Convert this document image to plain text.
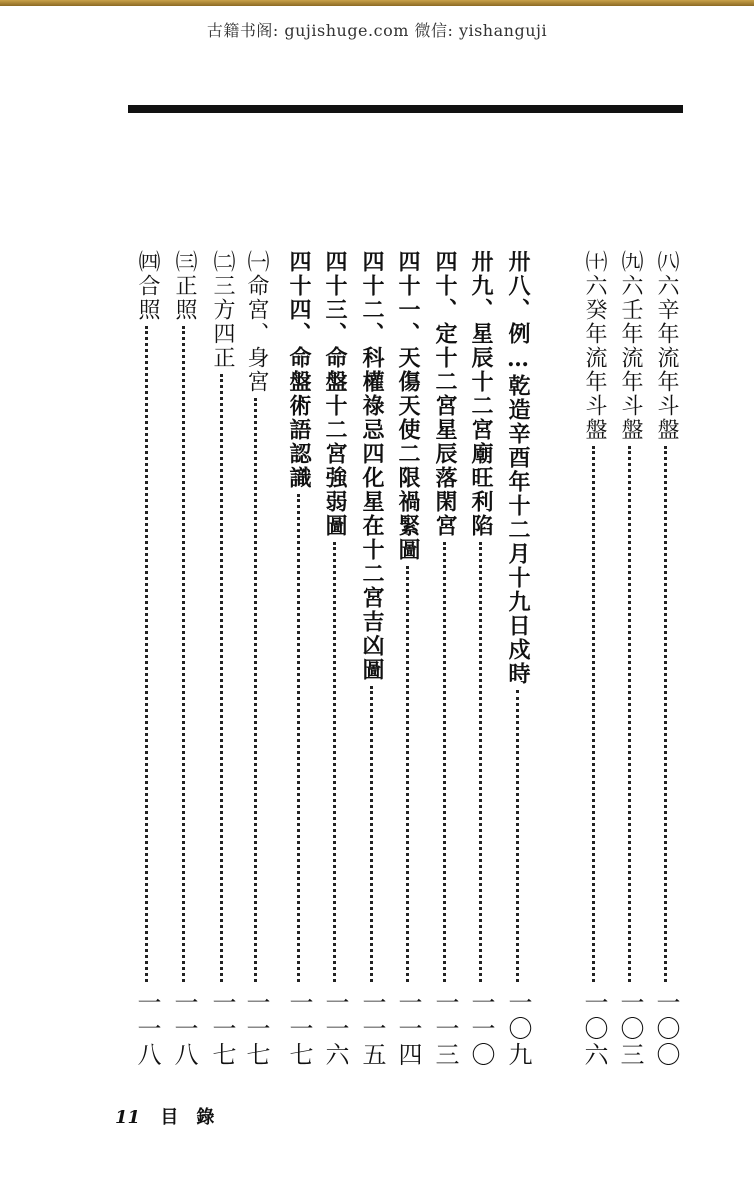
古籍书阁: gujishuge.com 微信: yishanguji
㈧六辛年流年斗盤
一〇〇
㈨六壬年流年斗盤
一〇三
㈩六癸年流年斗盤
一〇六
卅八、例…乾造辛酉年十二月十九日戍時
一〇九
卅九、星辰十二宮廟旺利陷
一一〇
四十、定十二宮星辰落閑宮
一一三
四十一、天傷天使二限禍緊圖
一一四
四十二、科權祿忌四化星在十二宮吉凶圖
一一五
四十三、命盤十二宮強弱圖
一一六
四十四、命盤術語認識
一一七
㈠命宮、身宮
一一七
㈡三方四正
一一七
㈢正照
一一八
㈣合照
一一八
11 目錄
